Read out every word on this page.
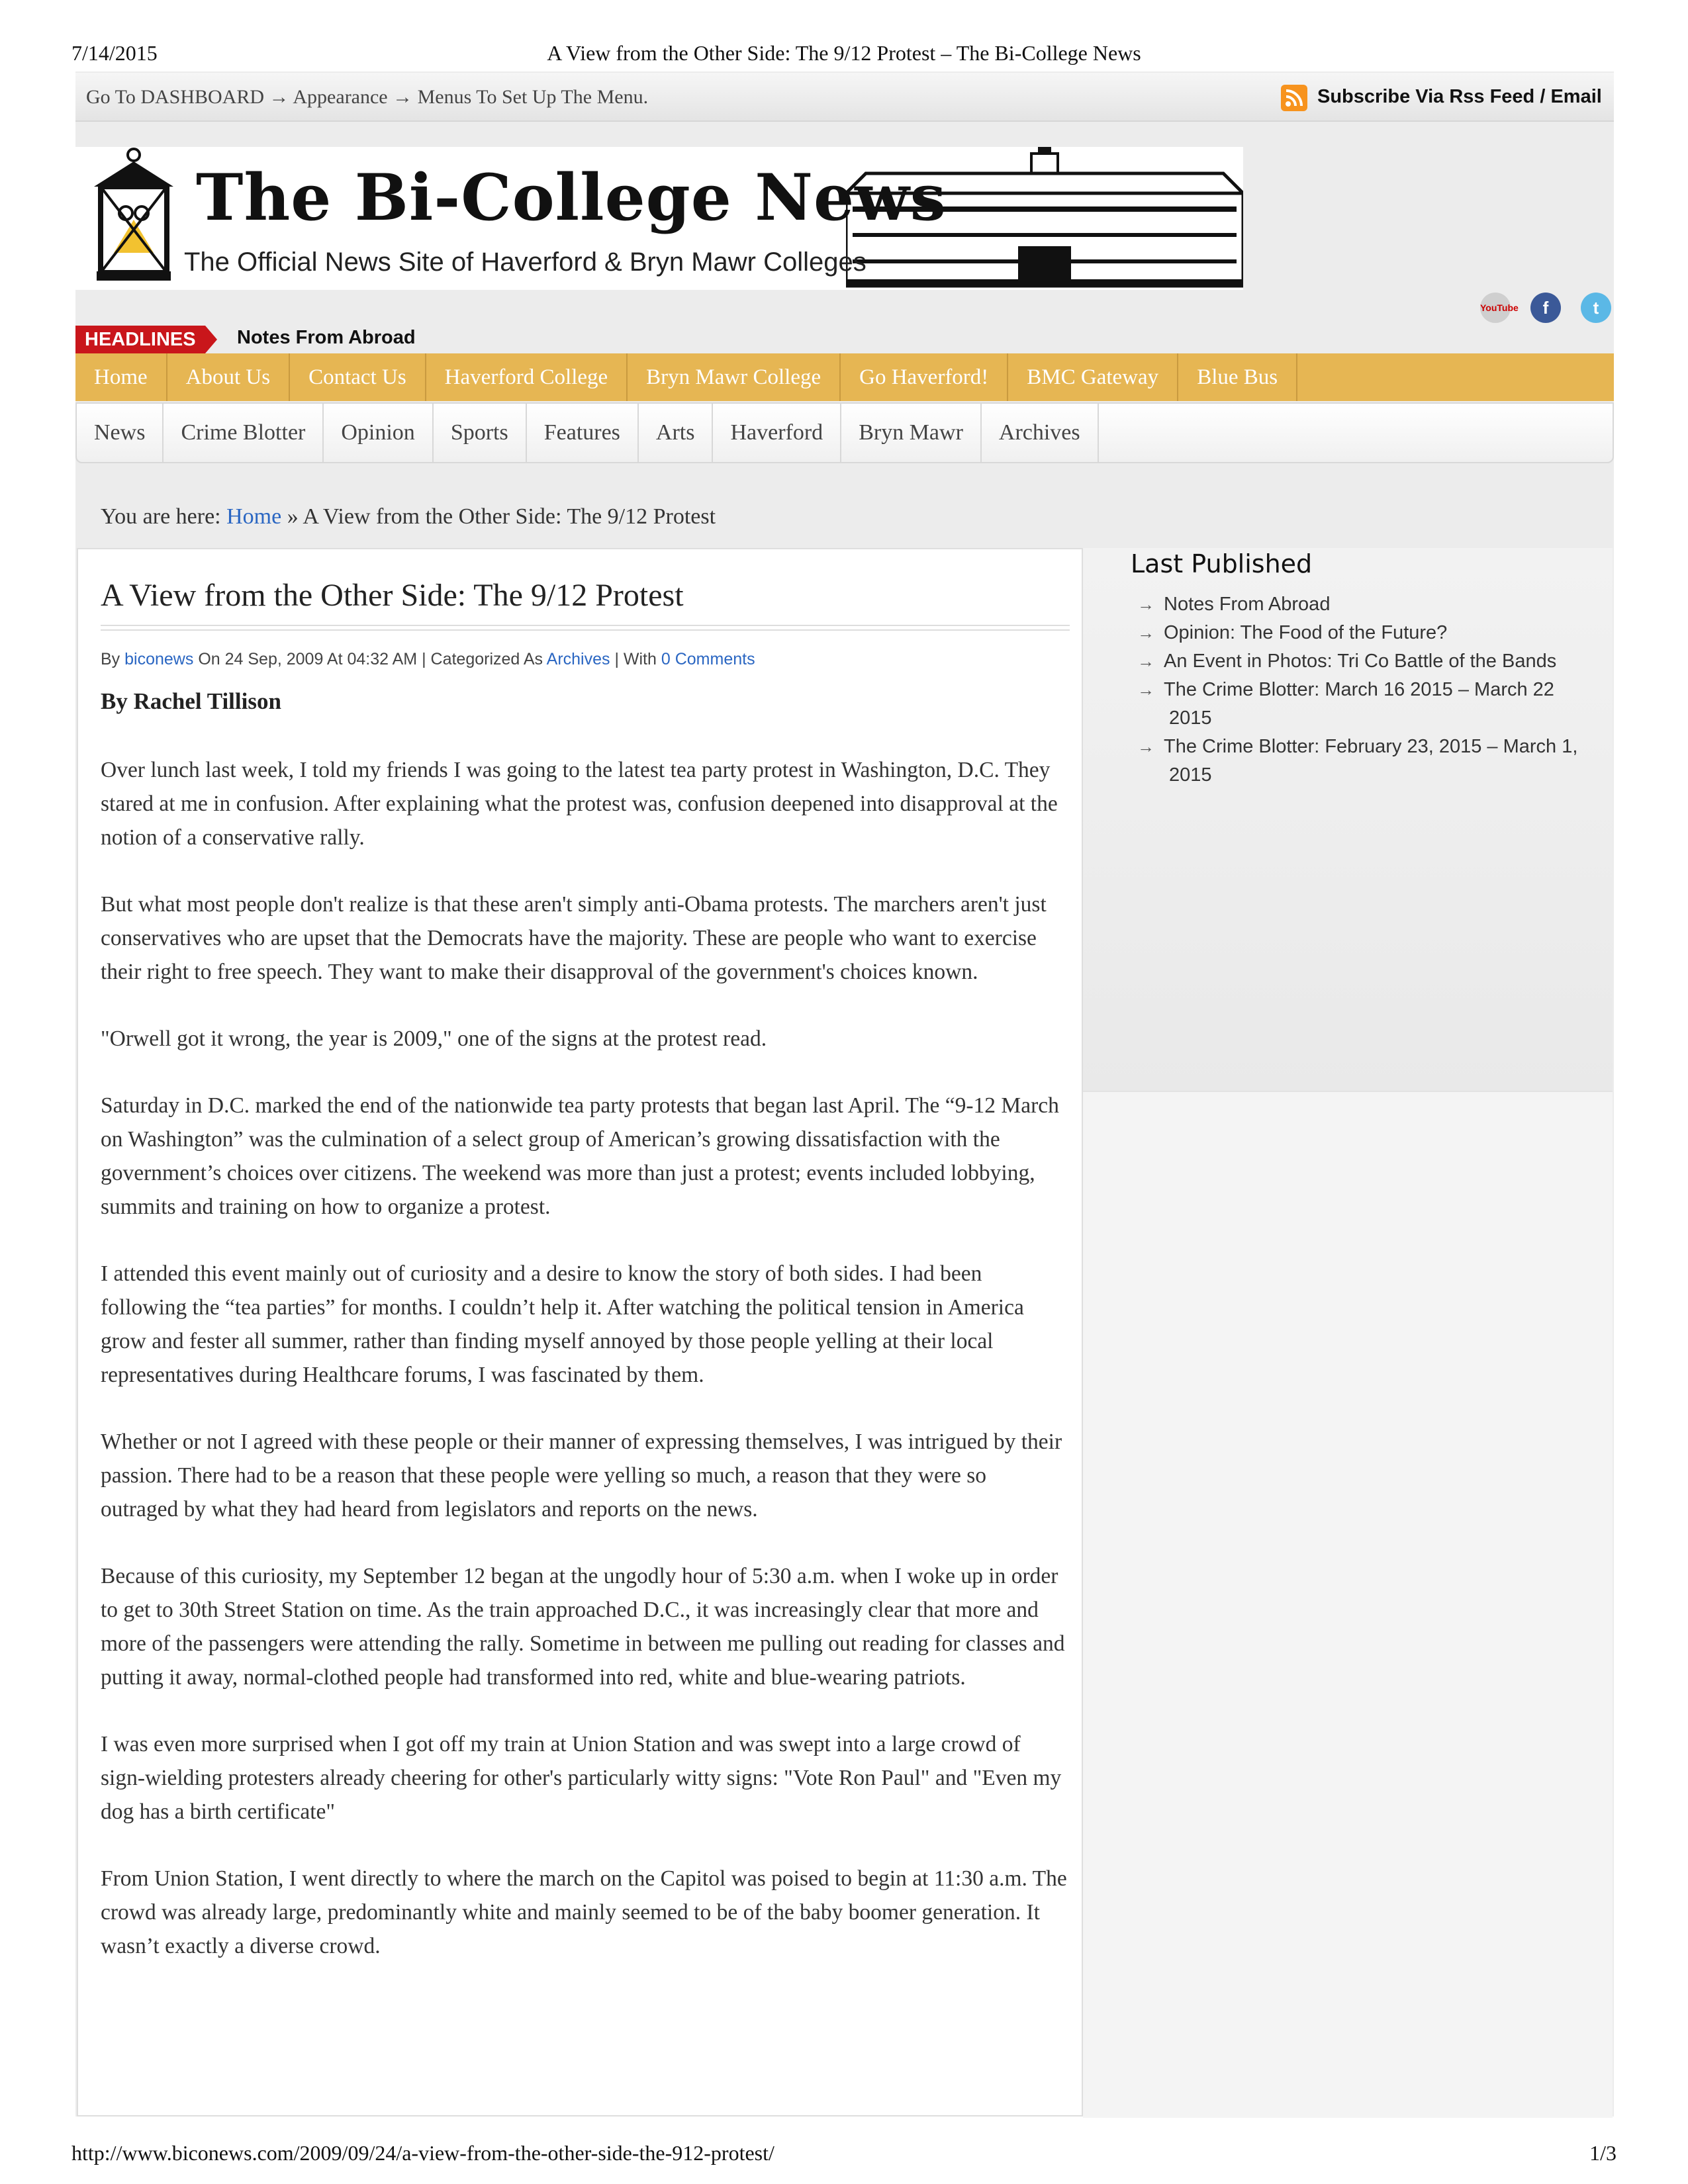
A View from the Other Side: The 9/12 Protest – The Bi-College News
7/14/2015
Go To DASHBOARD → Appearance → Menus To Set Up The Menu.	Subscribe Via Rss Feed / Email
The Bi-College News
The Official News Site of Haverford & Bryn Mawr Colleges
YouTube	f	t
HEADLINES	Notes From Abroad
Home	About Us	Contact Us	Haverford College	Bryn Mawr College	Go Haverford!	BMC Gateway	Blue Bus
News	Crime Blotter	Opinion	Sports	Features	Arts	Haverford	Bryn Mawr	Archives
You are here: Home » A View from the Other Side: The 9/12 Protest
A View from the Other Side: The 9/12 Protest
By biconews On 24 Sep, 2009 At 04:32 AM | Categorized As Archives | With 0 Comments
By Rachel Tillison

Over lunch last week, I told my friends I was going to the latest tea party protest in Washington, D.C. They stared at me in confusion. After explaining what the protest was, confusion deepened into disapproval at the notion of a conservative rally.

But what most people don't realize is that these aren't simply anti-Obama protests. The marchers aren't just conservatives who are upset that the Democrats have the majority. These are people who want to exercise their right to free speech. They want to make their disapproval of the government's choices known.

"Orwell got it wrong, the year is 2009," one of the signs at the protest read.

Saturday in D.C. marked the end of the nationwide tea party protests that began last April. The “9-12 March on Washington” was the culmination of a select group of American’s growing dissatisfaction with the government’s choices over citizens. The weekend was more than just a protest; events included lobbying, summits and training on how to organize a protest.

I attended this event mainly out of curiosity and a desire to know the story of both sides. I had been following the “tea parties” for months. I couldn’t help it. After watching the political tension in America grow and fester all summer, rather than finding myself annoyed by those people yelling at their local representatives during Healthcare forums, I was fascinated by them.

Whether or not I agreed with these people or their manner of expressing themselves, I was intrigued by their passion. There had to be a reason that these people were yelling so much, a reason that they were so outraged by what they had heard from legislators and reports on the news.

Because of this curiosity, my September 12 began at the ungodly hour of 5:30 a.m. when I woke up in order to get to 30th Street Station on time. As the train approached D.C., it was increasingly clear that more and more of the passengers were attending the rally. Sometime in between me pulling out reading for classes and putting it away, normal-clothed people had transformed into red, white and blue-wearing patriots.

I was even more surprised when I got off my train at Union Station and was swept into a large crowd of sign-wielding protesters already cheering for other's particularly witty signs: "Vote Ron Paul" and "Even my dog has a birth certificate"

From Union Station, I went directly to where the march on the Capitol was poised to begin at 11:30 a.m. The crowd was already large, predominantly white and mainly seemed to be of the baby boomer generation. It wasn’t exactly a diverse crowd.

Last Published
→ Notes From Abroad
→ Opinion: The Food of the Future?
→ An Event in Photos: Tri Co Battle of the Bands
→ The Crime Blotter: March 16 2015 – March 22 2015
→ The Crime Blotter: February 23, 2015 – March 1, 2015
http://www.biconews.com/2009/09/24/a-view-from-the-other-side-the-912-protest/	1/3
